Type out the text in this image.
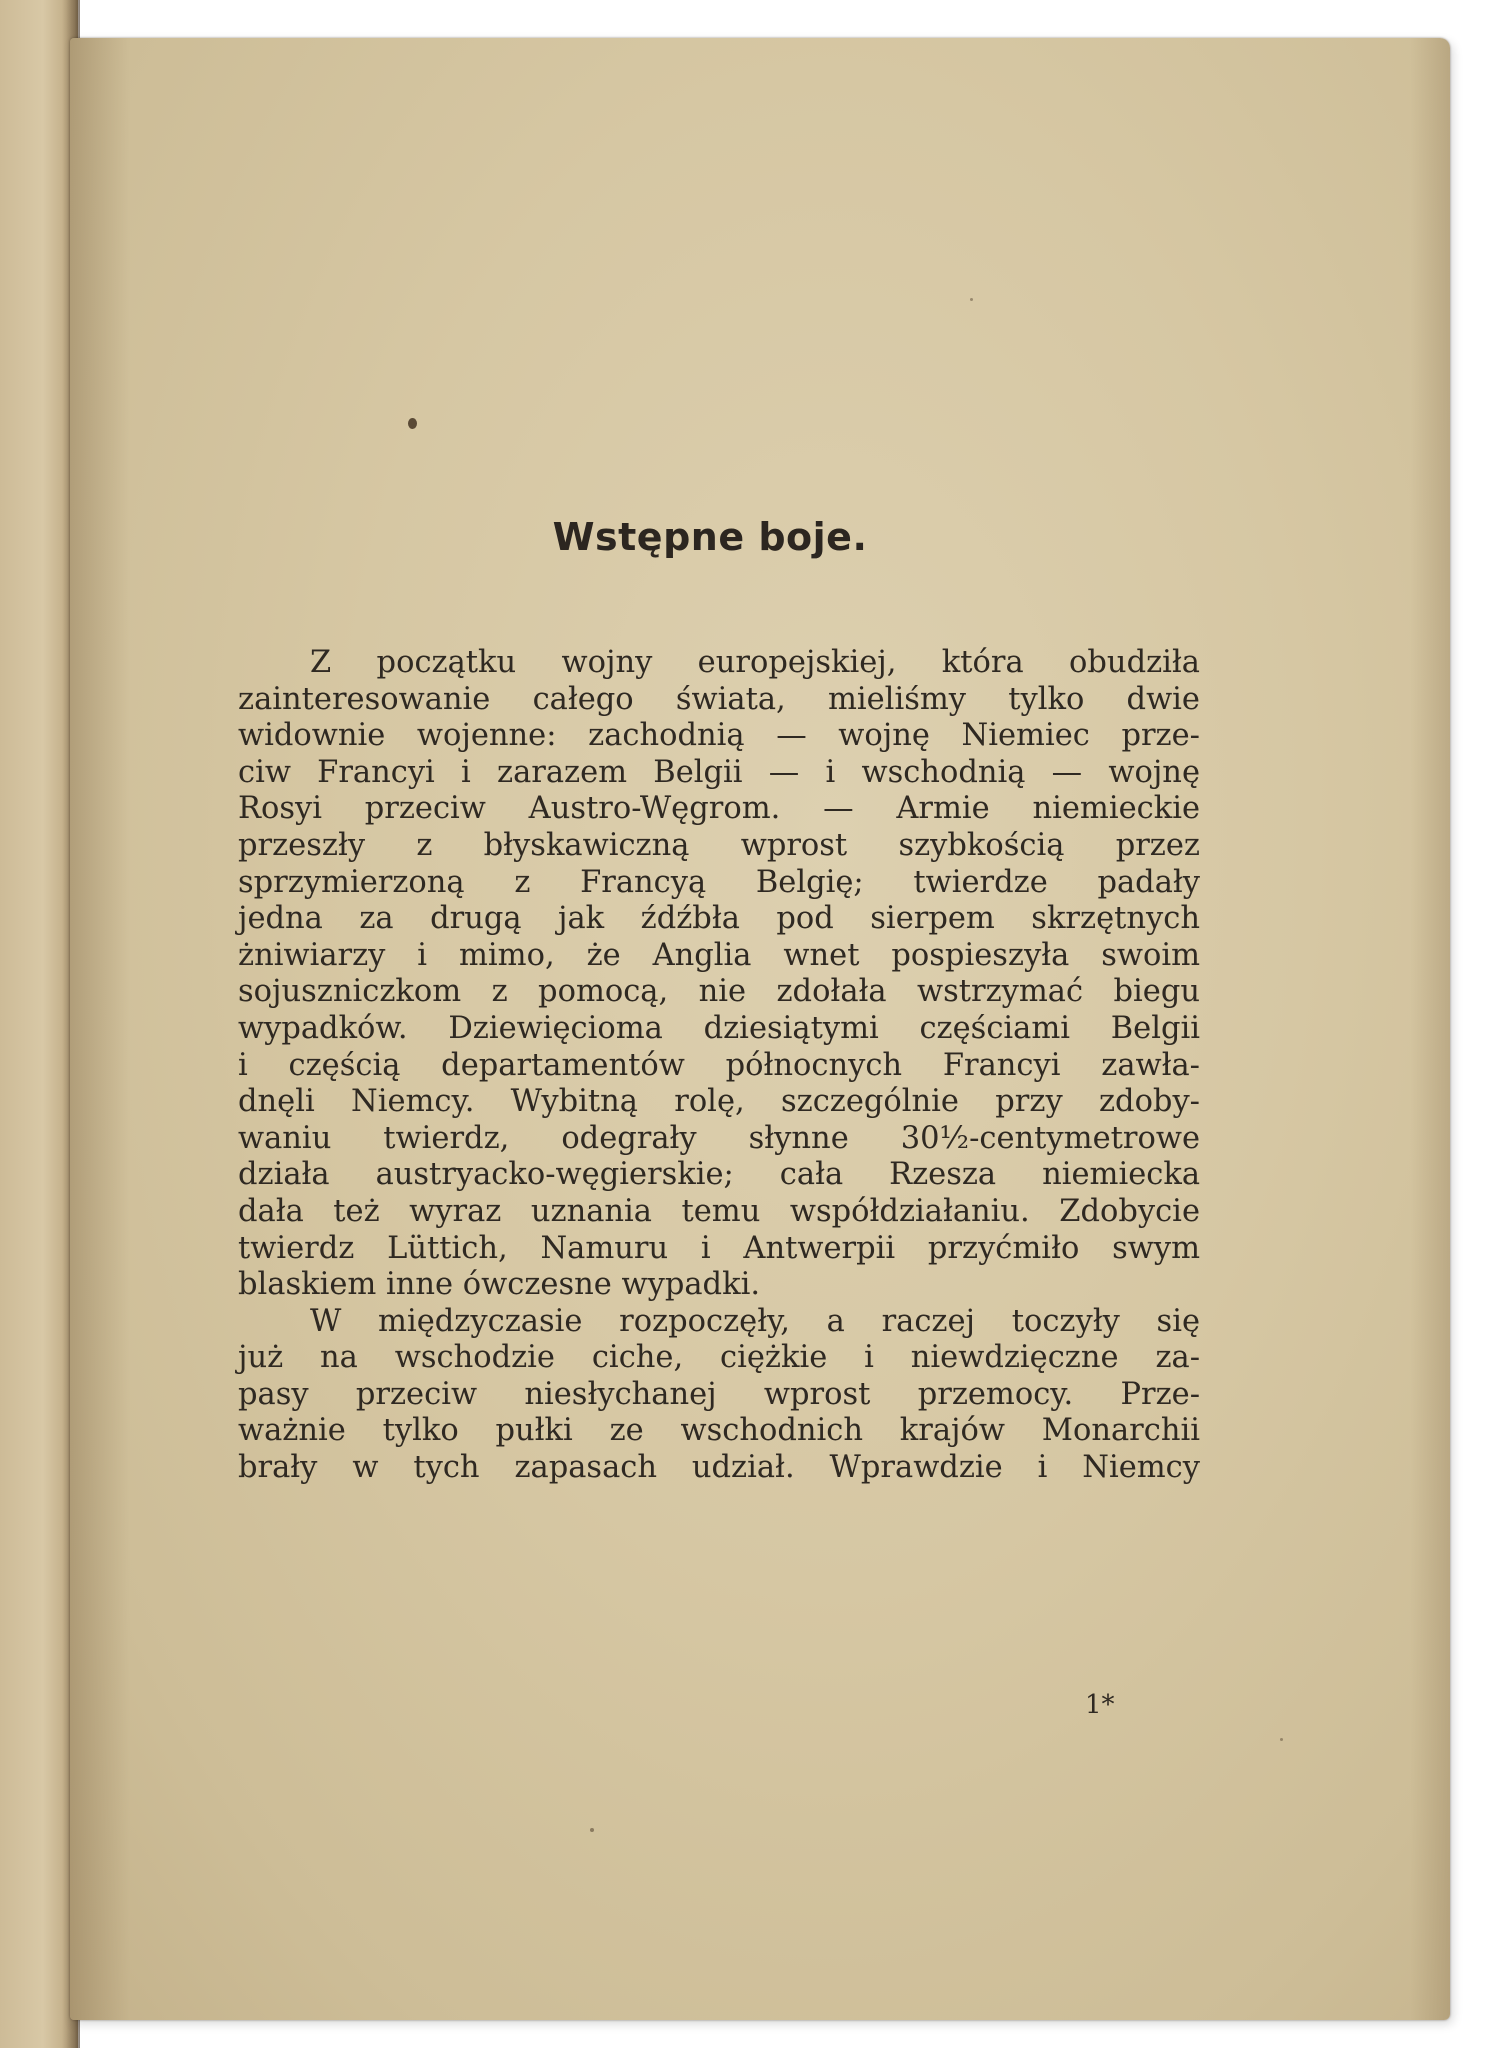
Wstępne boje.
Z początku wojny europejskiej, która obudziła
zainteresowanie całego świata, mieliśmy tylko dwie
widownie wojenne: zachodnią — wojnę Niemiec prze-
ciw Francyi i zarazem Belgii — i wschodnią — wojnę
Rosyi przeciw Austro-Węgrom. — Armie niemieckie
przeszły z błyskawiczną wprost szybkością przez
sprzymierzoną z Francyą Belgię; twierdze padały
jedna za drugą jak źdźbła pod sierpem skrzętnych
żniwiarzy i mimo, że Anglia wnet pospieszyła swoim
sojuszniczkom z pomocą, nie zdołała wstrzymać biegu
wypadków. Dziewięcioma dziesiątymi częściami Belgii
i częścią departamentów północnych Francyi zawła-
dnęli Niemcy. Wybitną rolę, szczególnie przy zdoby-
waniu twierdz, odegrały słynne 30½-centymetrowe
działa austryacko-węgierskie; cała Rzesza niemiecka
dała też wyraz uznania temu współdziałaniu. Zdobycie
twierdz Lüttich, Namuru i Antwerpii przyćmiło swym
blaskiem inne ówczesne wypadki.
W międzyczasie rozpoczęły, a raczej toczyły się
już na wschodzie ciche, ciężkie i niewdzięczne za-
pasy przeciw niesłychanej wprost przemocy. Prze-
ważnie tylko pułki ze wschodnich krajów Monarchii
brały w tych zapasach udział. Wprawdzie i Niemcy

1*
